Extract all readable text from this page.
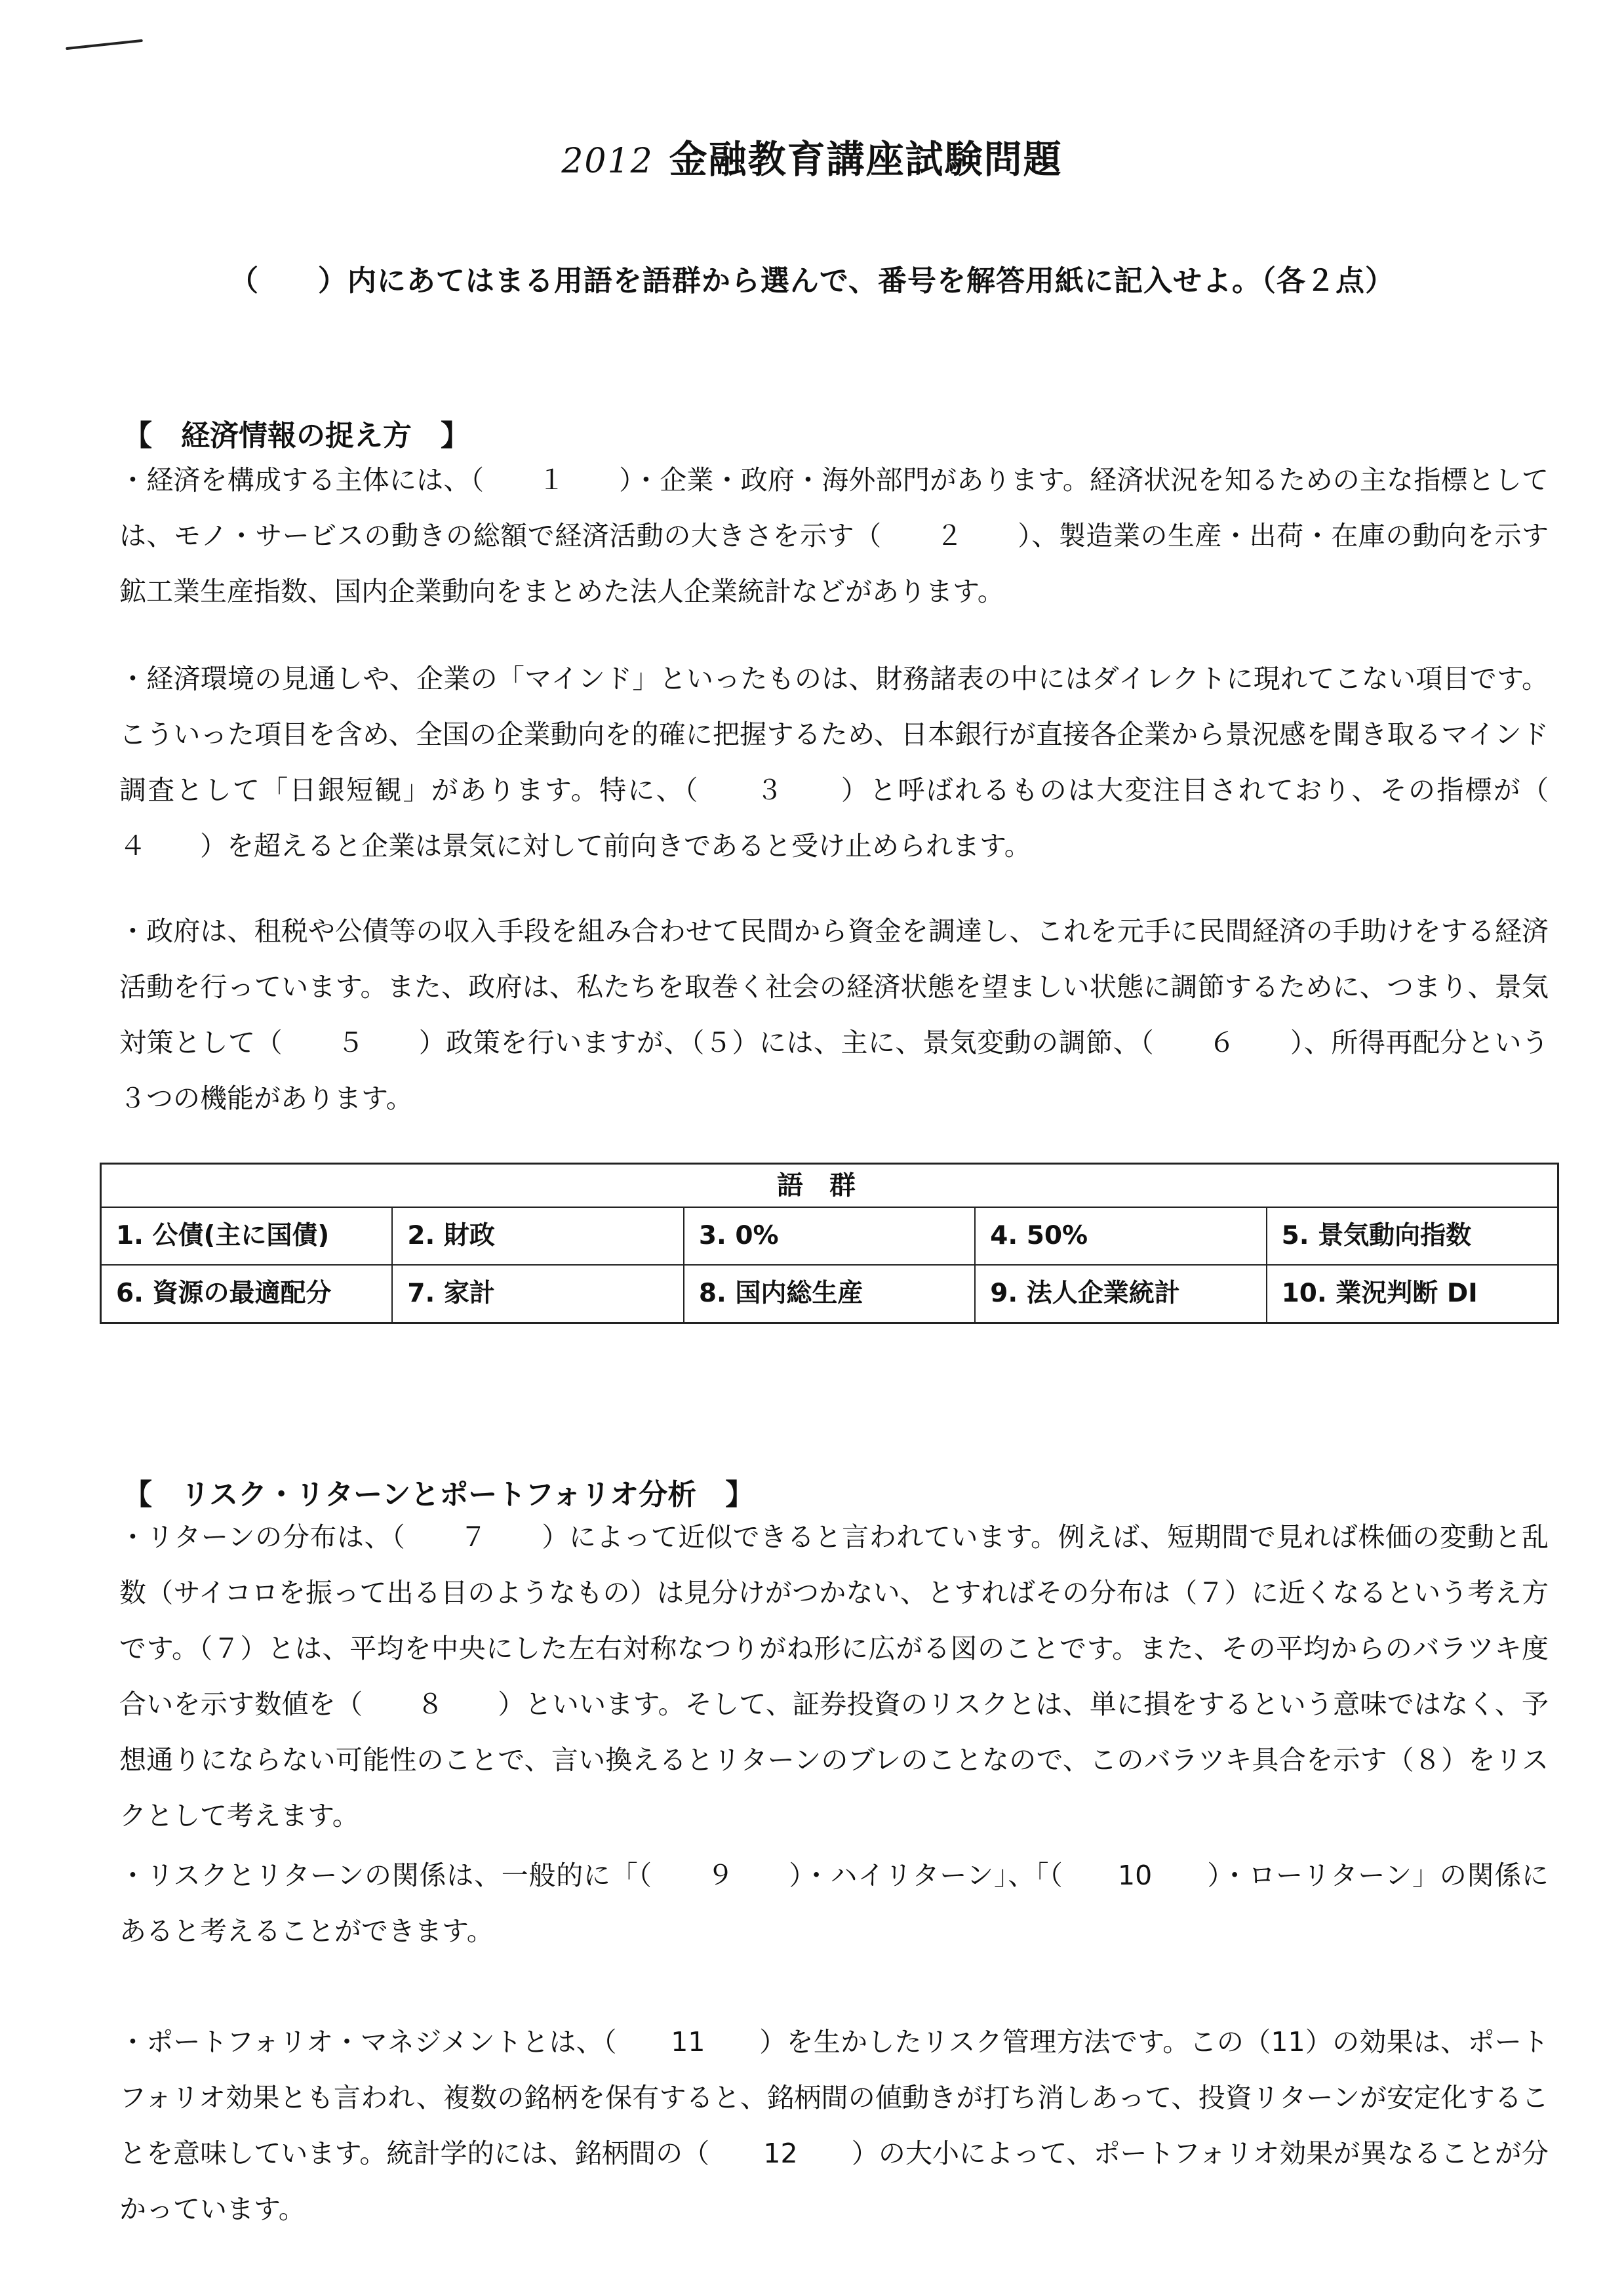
2012 金融教育講座試験問題
（　　）内にあてはまる用語を語群から選んで、番号を解答用紙に記入せよ。（各２点）
【　経済情報の捉え方　】

・経済を構成する主体には、（　　１　　）・企業・政府・海外部門があります。経済状況を知るための主な指標としては、モノ・サービスの動きの総額で経済活動の大きさを示す（　　２　　）、製造業の生産・出荷・在庫の動向を示す鉱工業生産指数、国内企業動向をまとめた法人企業統計などがあります。

・経済環境の見通しや、企業の「マインド」といったものは、財務諸表の中にはダイレクトに現れてこない項目です。こういった項目を含め、全国の企業動向を的確に把握するため、日本銀行が直接各企業から景況感を聞き取るマインド調査として「日銀短観」があります。特に、（　　３　　）と呼ばれるものは大変注目されており、その指標が（　　４　　）を超えると企業は景気に対して前向きであると受け止められます。

・政府は、租税や公債等の収入手段を組み合わせて民間から資金を調達し、これを元手に民間経済の手助けをする経済活動を行っています。また、政府は、私たちを取巻く社会の経済状態を望ましい状態に調節するために、つまり、景気対策として（　　５　　）政策を行いますが、（５）には、主に、景気変動の調節、（　　６　　）、所得再配分という３つの機能があります。

語群
1. 公債(主に国債)	2. 財政	3. 0%	4. 50%	5. 景気動向指数
6. 資源の最適配分	7. 家計	8. 国内総生産	9. 法人企業統計	10. 業況判断 DI
【　リスク・リターンとポートフォリオ分析　】

・リターンの分布は、（　　７　　）によって近似できると言われています。例えば、短期間で見れば株価の変動と乱数（サイコロを振って出る目のようなもの）は見分けがつかない、とすればその分布は（７）に近くなるという考え方です。（７）とは、平均を中央にした左右対称なつりがね形に広がる図のことです。また、その平均からのバラツキ度合いを示す数値を（　　８　　）といいます。そして、証券投資のリスクとは、単に損をするという意味ではなく、予想通りにならない可能性のことで、言い換えるとリターンのブレのことなので、このバラツキ具合を示す（８）をリスクとして考えます。

・リスクとリターンの関係は、一般的に「（　　９　　）・ハイリターン」、「（　　10　　）・ローリターン」の関係にあると考えることができます。

・ポートフォリオ・マネジメントとは、（　　11　　）を生かしたリスク管理方法です。この（11）の効果は、ポートフォリオ効果とも言われ、複数の銘柄を保有すると、銘柄間の値動きが打ち消しあって、投資リターンが安定化することを意味しています。統計学的には、銘柄間の（　　12　　）の大小によって、ポートフォリオ効果が異なることが分かっています。
